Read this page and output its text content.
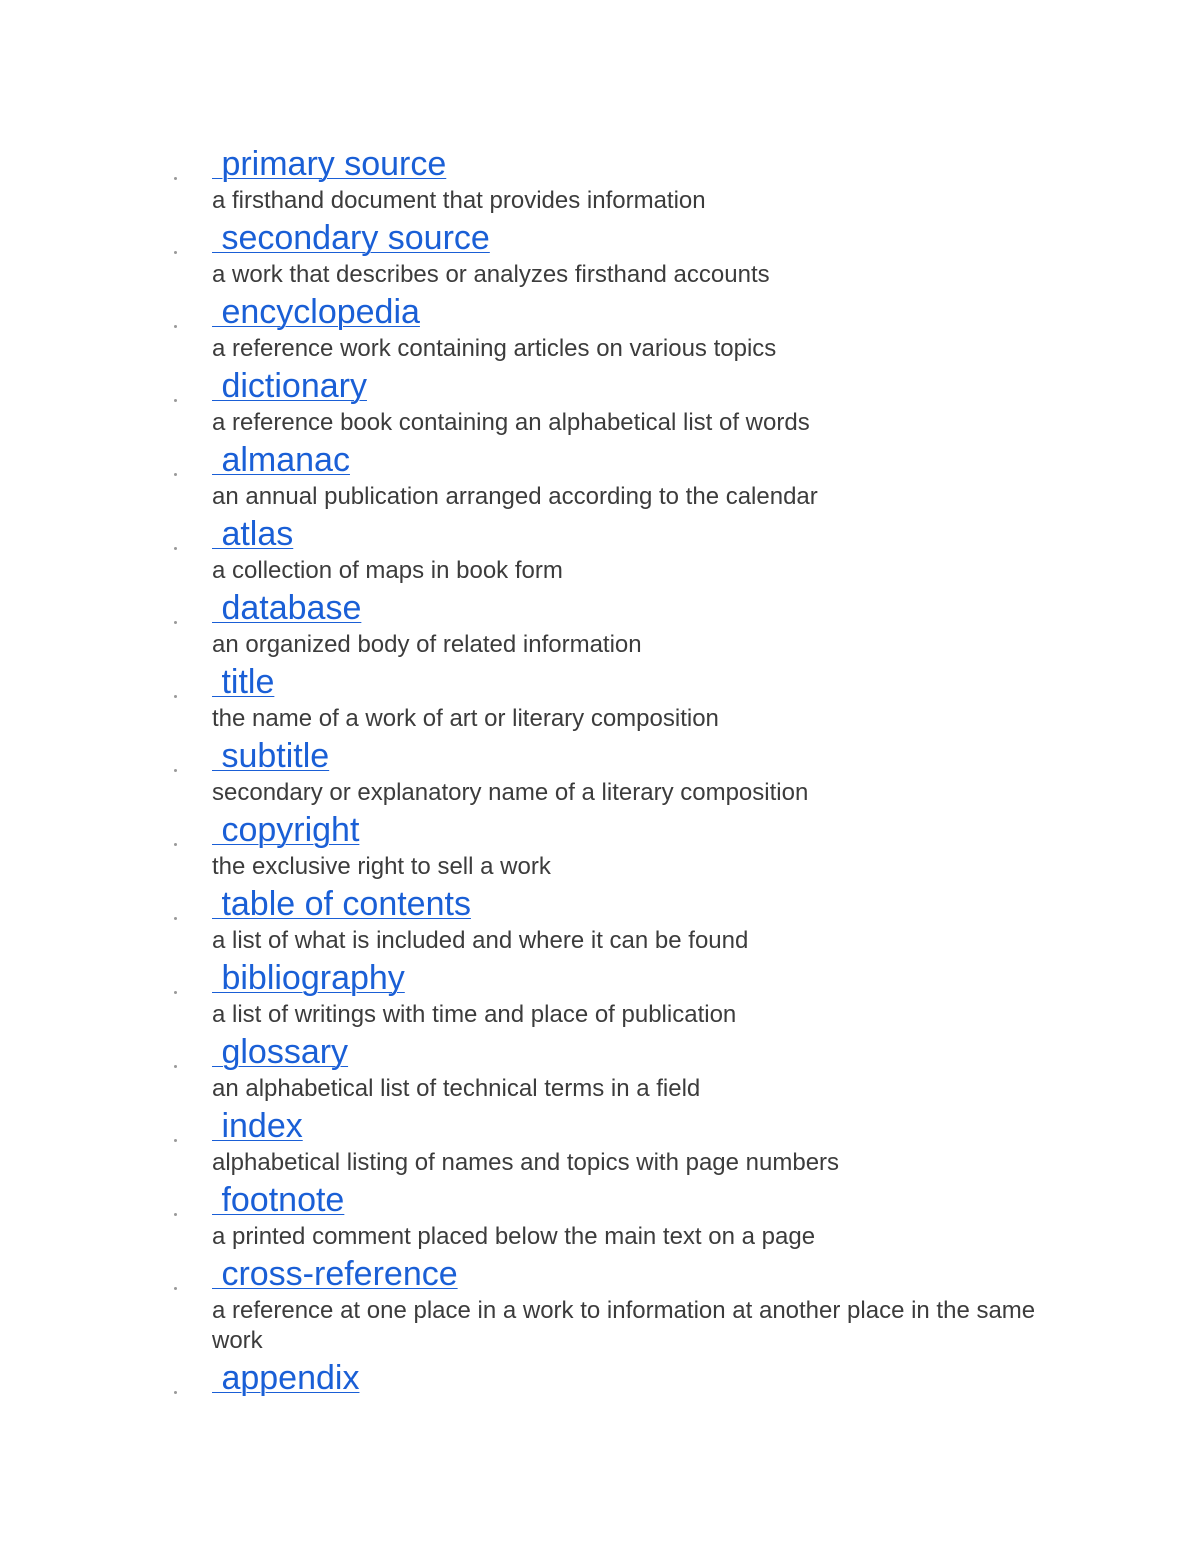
primary source
a firsthand document that provides information
secondary source
a work that describes or analyzes firsthand accounts
encyclopedia
a reference work containing articles on various topics
dictionary
a reference book containing an alphabetical list of words
almanac
an annual publication arranged according to the calendar
atlas
a collection of maps in book form
database
an organized body of related information
title
the name of a work of art or literary composition
subtitle
secondary or explanatory name of a literary composition
copyright
the exclusive right to sell a work
table of contents
a list of what is included and where it can be found
bibliography
a list of writings with time and place of publication
glossary
an alphabetical list of technical terms in a field
index
alphabetical listing of names and topics with page numbers
footnote
a printed comment placed below the main text on a page
cross-reference
a reference at one place in a work to information at another place in the same work
appendix
